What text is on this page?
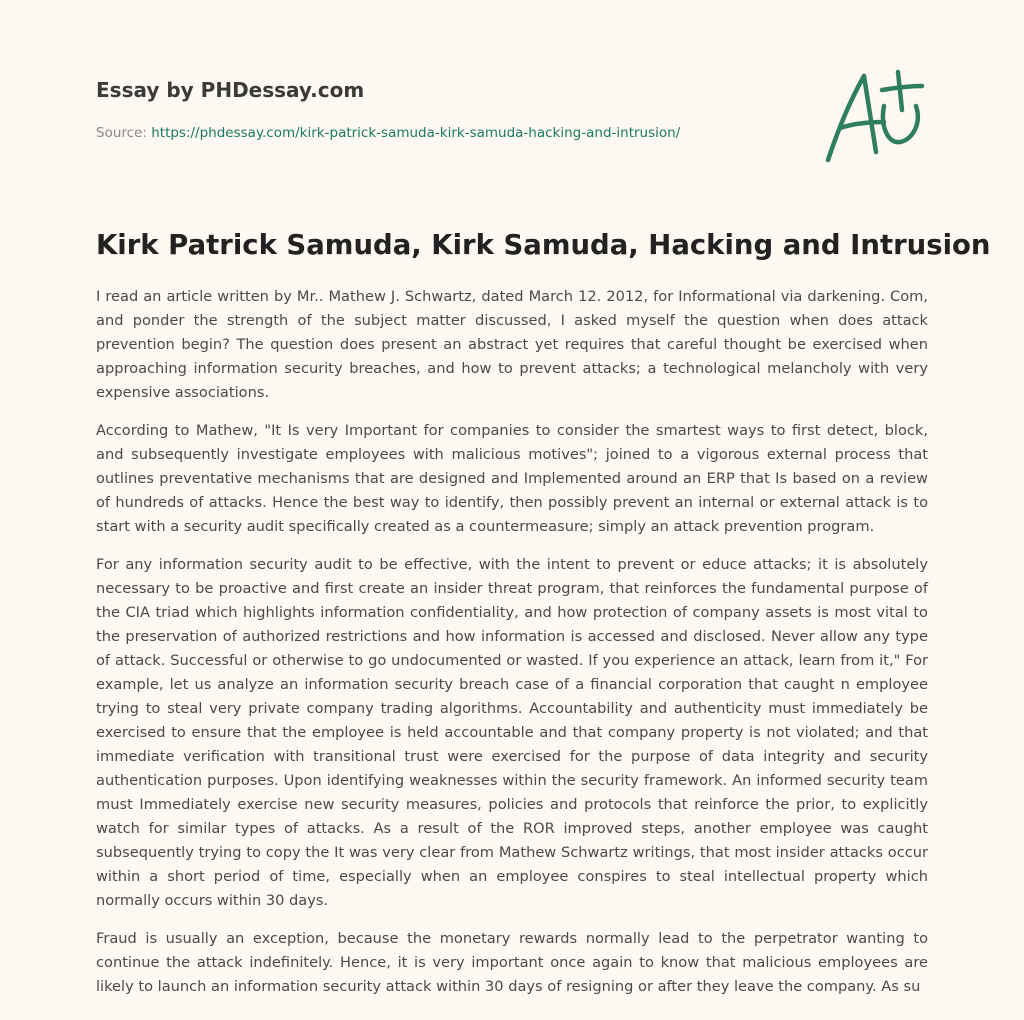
Essay by PHDessay.com
Source: https://phdessay.com/kirk-patrick-samuda-kirk-samuda-hacking-and-intrusion/
Kirk Patrick Samuda, Kirk Samuda, Hacking and Intrusion

I read an article written by Mr.. Mathew J. Schwartz, dated March 12. 2012, for Informational via darkening. Com, and ponder the strength of the subject matter discussed, I asked myself the question when does attack prevention begin? The question does present an abstract yet requires that careful thought be exercised when approaching information security breaches, and how to prevent attacks; a technological melancholy with very expensive associations.

According to Mathew, "It Is very Important for companies to consider the smartest ways to first detect, block, and subsequently investigate employees with malicious motives"; joined to a vigorous external process that outlines preventative mechanisms that are designed and Implemented around an ERP that Is based on a review of hundreds of attacks. Hence the best way to identify, then possibly prevent an internal or external attack is to start with a security audit specifically created as a countermeasure; simply an attack prevention program.

For any information security audit to be effective, with the intent to prevent or educe attacks; it is absolutely necessary to be proactive and first create an insider threat program, that reinforces the fundamental purpose of the CIA triad which highlights information confidentiality, and how protection of company assets is most vital to the preservation of authorized restrictions and how information is accessed and disclosed. Never allow any type of attack. Successful or otherwise to go undocumented or wasted. If you experience an attack, learn from it," For example, let us analyze an information security breach case of a financial corporation that caught n employee trying to steal very private company trading algorithms. Accountability and authenticity must immediately be exercised to ensure that the employee is held accountable and that company property is not violated; and that immediate verification with transitional trust were exercised for the purpose of data integrity and security authentication purposes. Upon identifying weaknesses within the security framework. An informed security team must Immediately exercise new security measures, policies and protocols that reinforce the prior, to explicitly watch for similar types of attacks. As a result of the ROR improved steps, another employee was caught subsequently trying to copy the It was very clear from Mathew Schwartz writings, that most insider attacks occur within a short period of time, especially when an employee conspires to steal intellectual property which normally occurs within 30 days.

Fraud is usually an exception, because the monetary rewards normally lead to the perpetrator wanting to continue the attack indefinitely. Hence, it is very important once again to know that malicious employees are likely to launch an information security attack within 30 days of resigning or after they leave the company. As su
